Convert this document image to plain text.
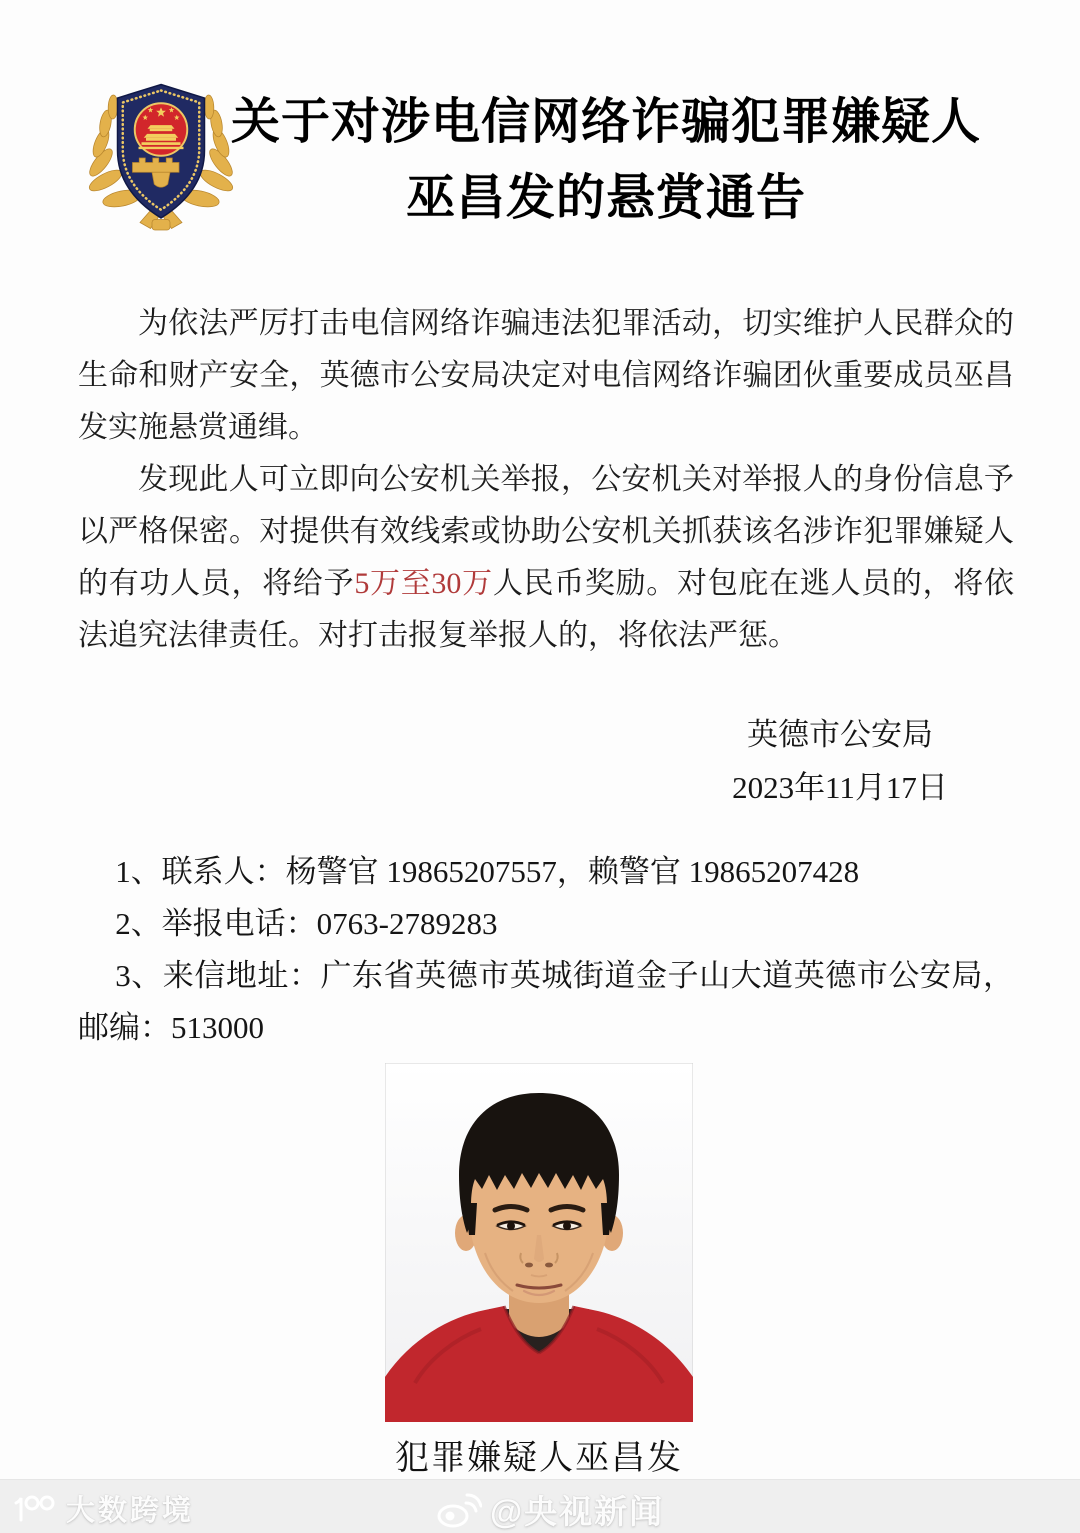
关于对涉电信网络诈骗犯罪嫌疑人
巫昌发的悬赏通告

为依法严厉打击电信网络诈骗违法犯罪活动，切实维护人民群众的生命和财产安全，英德市公安局决定对电信网络诈骗团伙重要成员巫昌发实施悬赏通缉。

发现此人可立即向公安机关举报，公安机关对举报人的身份信息予以严格保密。对提供有效线索或协助公安机关抓获该名涉诈犯罪嫌疑人的有功人员，将给予5万至30万人民币奖励。对包庇在逃人员的，将依法追究法律责任。对打击报复举报人的，将依法严惩。

英德市公安局
2023年11月17日
1、联系人：杨警官 19865207557，赖警官 19865207428
2、举报电话：0763-2789283
3、来信地址：广东省英德市英城街道金子山大道英德市公安局，邮编：513000
犯罪嫌疑人巫昌发
大数跨境	@央视新闻
